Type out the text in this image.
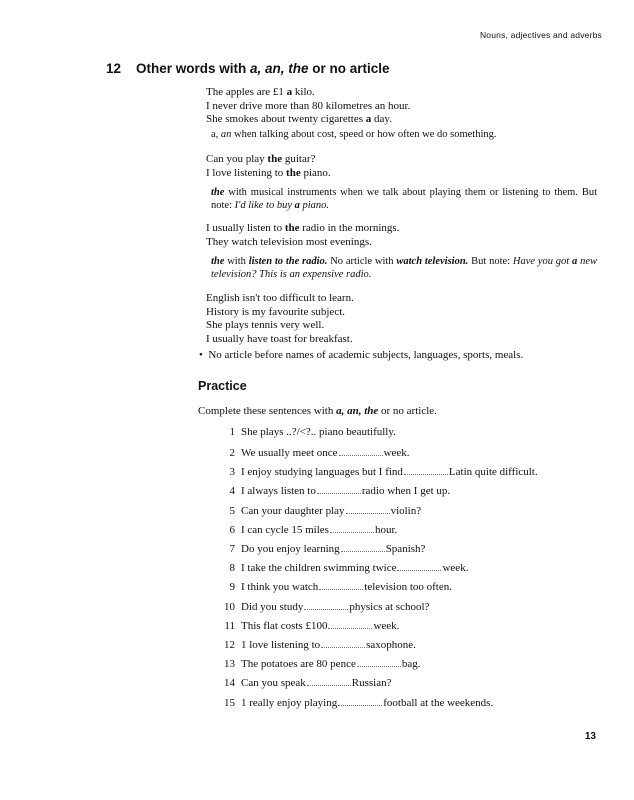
Nouns, adjectives and adverbs
12 Other words with a, an, the or no article

The apples are £1 a kilo.

I never drive more than 80 kilometres an hour.

She smokes about twenty cigarettes a day.

a, an when talking about cost, speed or how often we do something.

Can you play the guitar?

I love listening to the piano.

the with musical instruments when we talk about playing them or listening to them. But note: I'd like to buy a piano.

I usually listen to the radio in the mornings.

They watch television most evenings.

the with listen to the radio. No article with watch television. But note: Have you got a new television? This is an expensive radio.

English isn't too difficult to learn.

History is my favourite subject.

She plays tennis very well.

I usually have toast for breakfast.

• No article before names of academic subjects, languages, sports, meals.
Practice
Complete these sentences with a, an, the or no article.
1 She plays ..?/<?.. piano beautifully.
2 We usually meet once	week.
3 I enjoy studying languages but I find	Latin quite difficult.
4 I always listen to	radio when I get up.
5 Can your daughter play	violin?
6 I can cycle 15 miles	hour.
7 Do you enjoy learning	Spanish?
8 I take the children swimming twice	week.
9 I think you watch	television too often.
10 Did you study	physics at school?
11 This flat costs £100	week.
12 1 love listening to	saxophone.
13 The potatoes are 80 pence	bag.
14 Can you speak	Russian?
15 1 really enjoy playing	football at the weekends.
13
